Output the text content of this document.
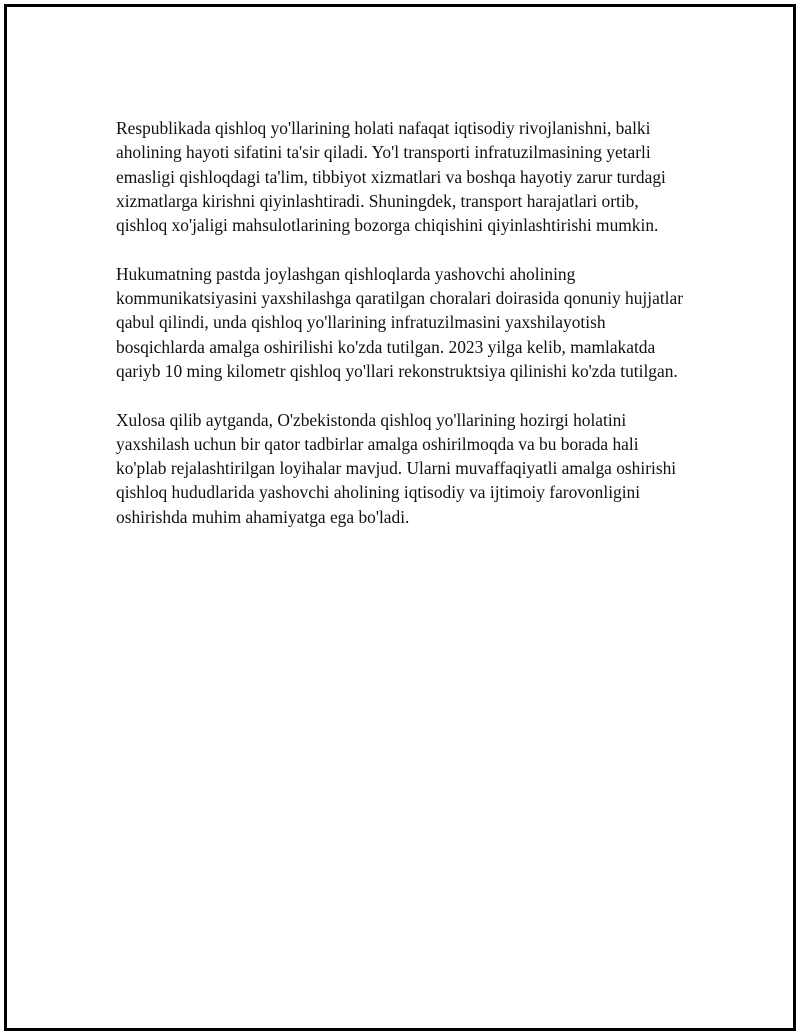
Respublikada qishloq yo'llarining holati nafaqat iqtisodiy rivojlanishni, balki aholining hayoti sifatini ta'sir qiladi. Yo'l transporti infratuzilmasining yetarli emasligi qishloqdagi ta'lim, tibbiyot xizmatlari va boshqa hayotiy zarur turdagi xizmatlarga kirishni qiyinlashtiradi. Shuningdek, transport harajatlari ortib, qishloq xo'jaligi mahsulotlarining bozorga chiqishini qiyinlashtirishi mumkin.

Hukumatning pastda joylashgan qishloqlarda yashovchi aholining kommunikatsiyasini yaxshilashga qaratilgan choralari doirasida qonuniy hujjatlar qabul qilindi, unda qishloq yo'llarining infratuzilmasini yaxshilayotish bosqichlarda amalga oshirilishi ko'zda tutilgan. 2023 yilga kelib, mamlakatda qariyb 10 ming kilometr qishloq yo'llari rekonstruktsiya qilinishi ko'zda tutilgan.

Xulosa qilib aytganda, O'zbekistonda qishloq yo'llarining hozirgi holatini yaxshilash uchun bir qator tadbirlar amalga oshirilmoqda va bu borada hali ko'plab rejalashtirilgan loyihalar mavjud. Ularni muvaffaqiyatli amalga oshirishi qishloq hududlarida yashovchi aholining iqtisodiy va ijtimoiy farovonligini oshirishda muhim ahamiyatga ega bo'ladi.
